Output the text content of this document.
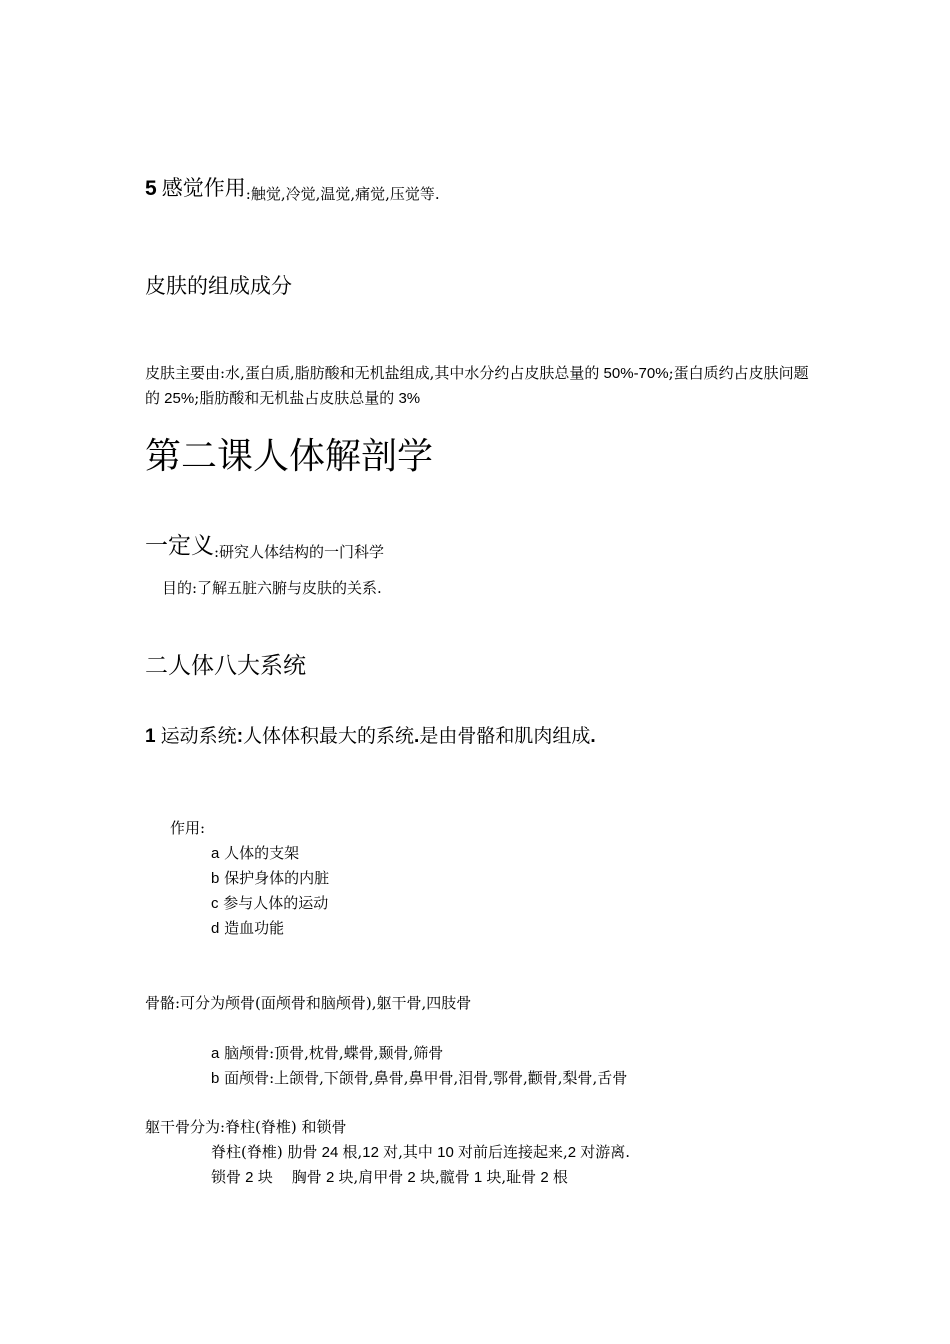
5 感觉作用:触觉,冷觉,温觉,痛觉,压觉等.
皮肤的组成成分
皮肤主要由:水,蛋白质,脂肪酸和无机盐组成,其中水分约占皮肤总量的 50%-70%;蛋白质约占皮肤问题的 25%;脂肪酸和无机盐占皮肤总量的 3%
第二课人体解剖学
一定义:研究人体结构的一门科学
目的:了解五脏六腑与皮肤的关系.
二人体八大系统
1 运动系统:人体体积最大的系统.是由骨骼和肌肉组成.
作用:
a 人体的支架
b 保护身体的内脏
c 参与人体的运动
d 造血功能
骨骼:可分为颅骨(面颅骨和脑颅骨),躯干骨,四肢骨
a 脑颅骨:顶骨,枕骨,蝶骨,颞骨,筛骨
b 面颅骨:上颌骨,下颌骨,鼻骨,鼻甲骨,泪骨,鄂骨,颧骨,梨骨,舌骨
躯干骨分为:脊柱(脊椎) 和锁骨
脊柱(脊椎) 肋骨 24 根,12 对,其中 10 对前后连接起来,2 对游离.
锁骨 2 块    胸骨 2 块,肩甲骨 2 块,髋骨 1 块,耻骨 2 根
